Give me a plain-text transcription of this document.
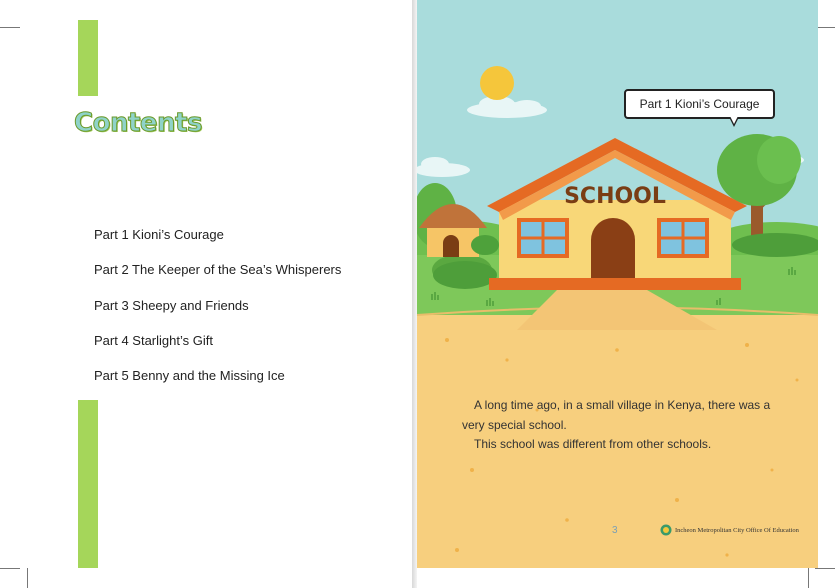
Contents
Part 1 Kioni’s Courage
Part 2 The Keeper of the Sea’s Whisperers
Part 3 Sheepy and Friends
Part 4 Starlight’s Gift
Part 5 Benny and the Missing Ice
SCHOOL
Part 1 Kioni’s Courage

A long time ago, in a small village in Kenya, there was a very special school.

This school was different from other schools.

3	Incheon Metropolitan City Office Of Education
